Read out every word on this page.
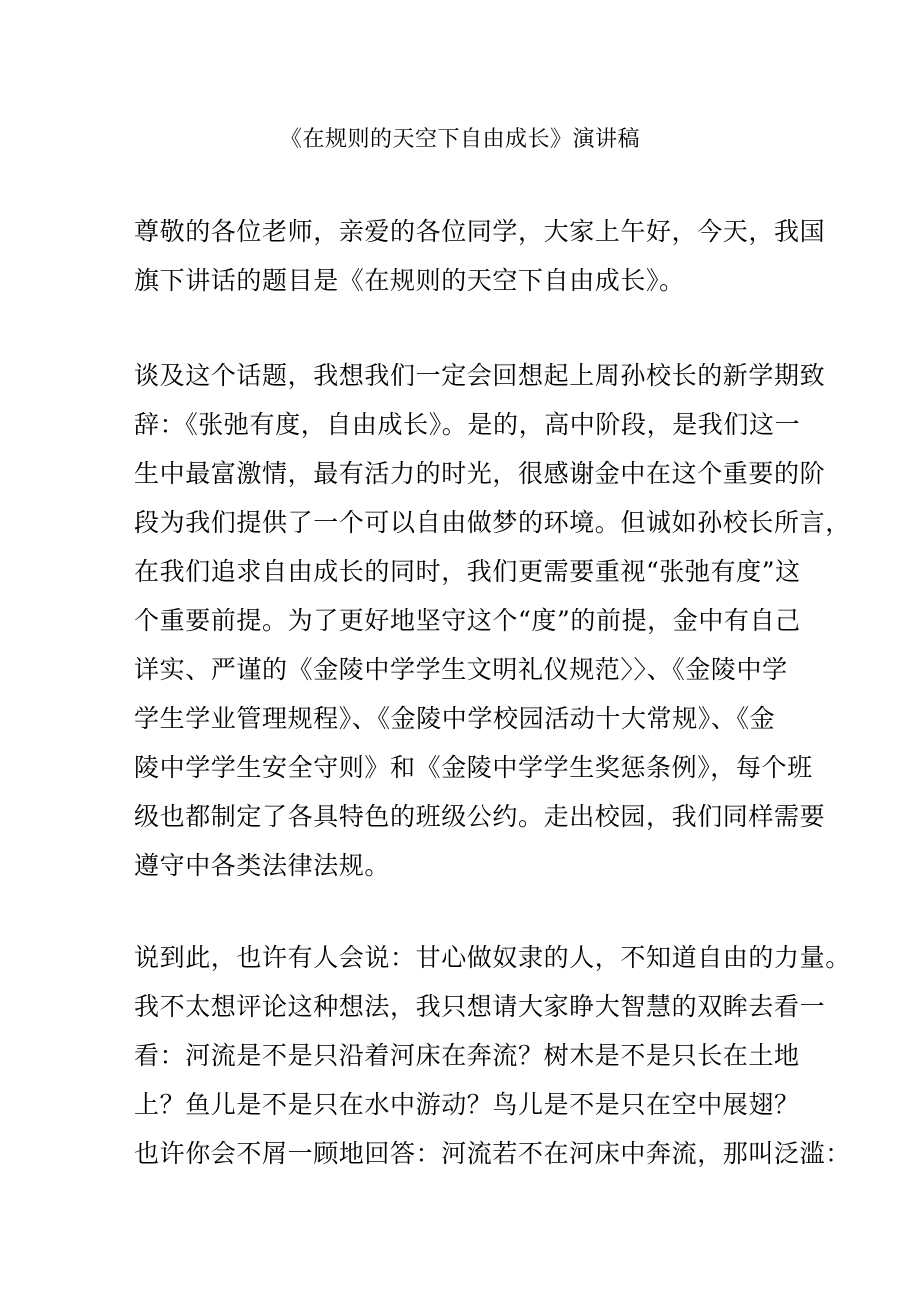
《在规则的天空下自由成长》演讲稿
尊敬的各位老师，亲爱的各位同学，大家上午好，今天，我国
旗下讲话的题目是《在规则的天空下自由成长》。
谈及这个话题，我想我们一定会回想起上周孙校长的新学期致
辞：《张弛有度，自由成长》。是的，高中阶段，是我们这一
生中最富激情，最有活力的时光，很感谢金中在这个重要的阶
段为我们提供了一个可以自由做梦的环境。但诚如孙校长所言，
在我们追求自由成长的同时，我们更需要重视“张弛有度”这
个重要前提。为了更好地坚守这个“度”的前提，金中有自己
详实、严谨的《金陵中学学生文明礼仪规范〉〉、《金陵中学
学生学业管理规程》、《金陵中学校园活动十大常规》、《金
陵中学学生安全守则》和《金陵中学学生奖惩条例》，每个班
级也都制定了各具特色的班级公约。走出校园，我们同样需要
遵守中各类法律法规。
说到此，也许有人会说：甘心做奴隶的人，不知道自由的力量。
我不太想评论这种想法，我只想请大家睁大智慧的双眸去看一
看：河流是不是只沿着河床在奔流？树木是不是只长在土地
上？鱼儿是不是只在水中游动？鸟儿是不是只在空中展翅？
也许你会不屑一顾地回答：河流若不在河床中奔流，那叫泛滥：
